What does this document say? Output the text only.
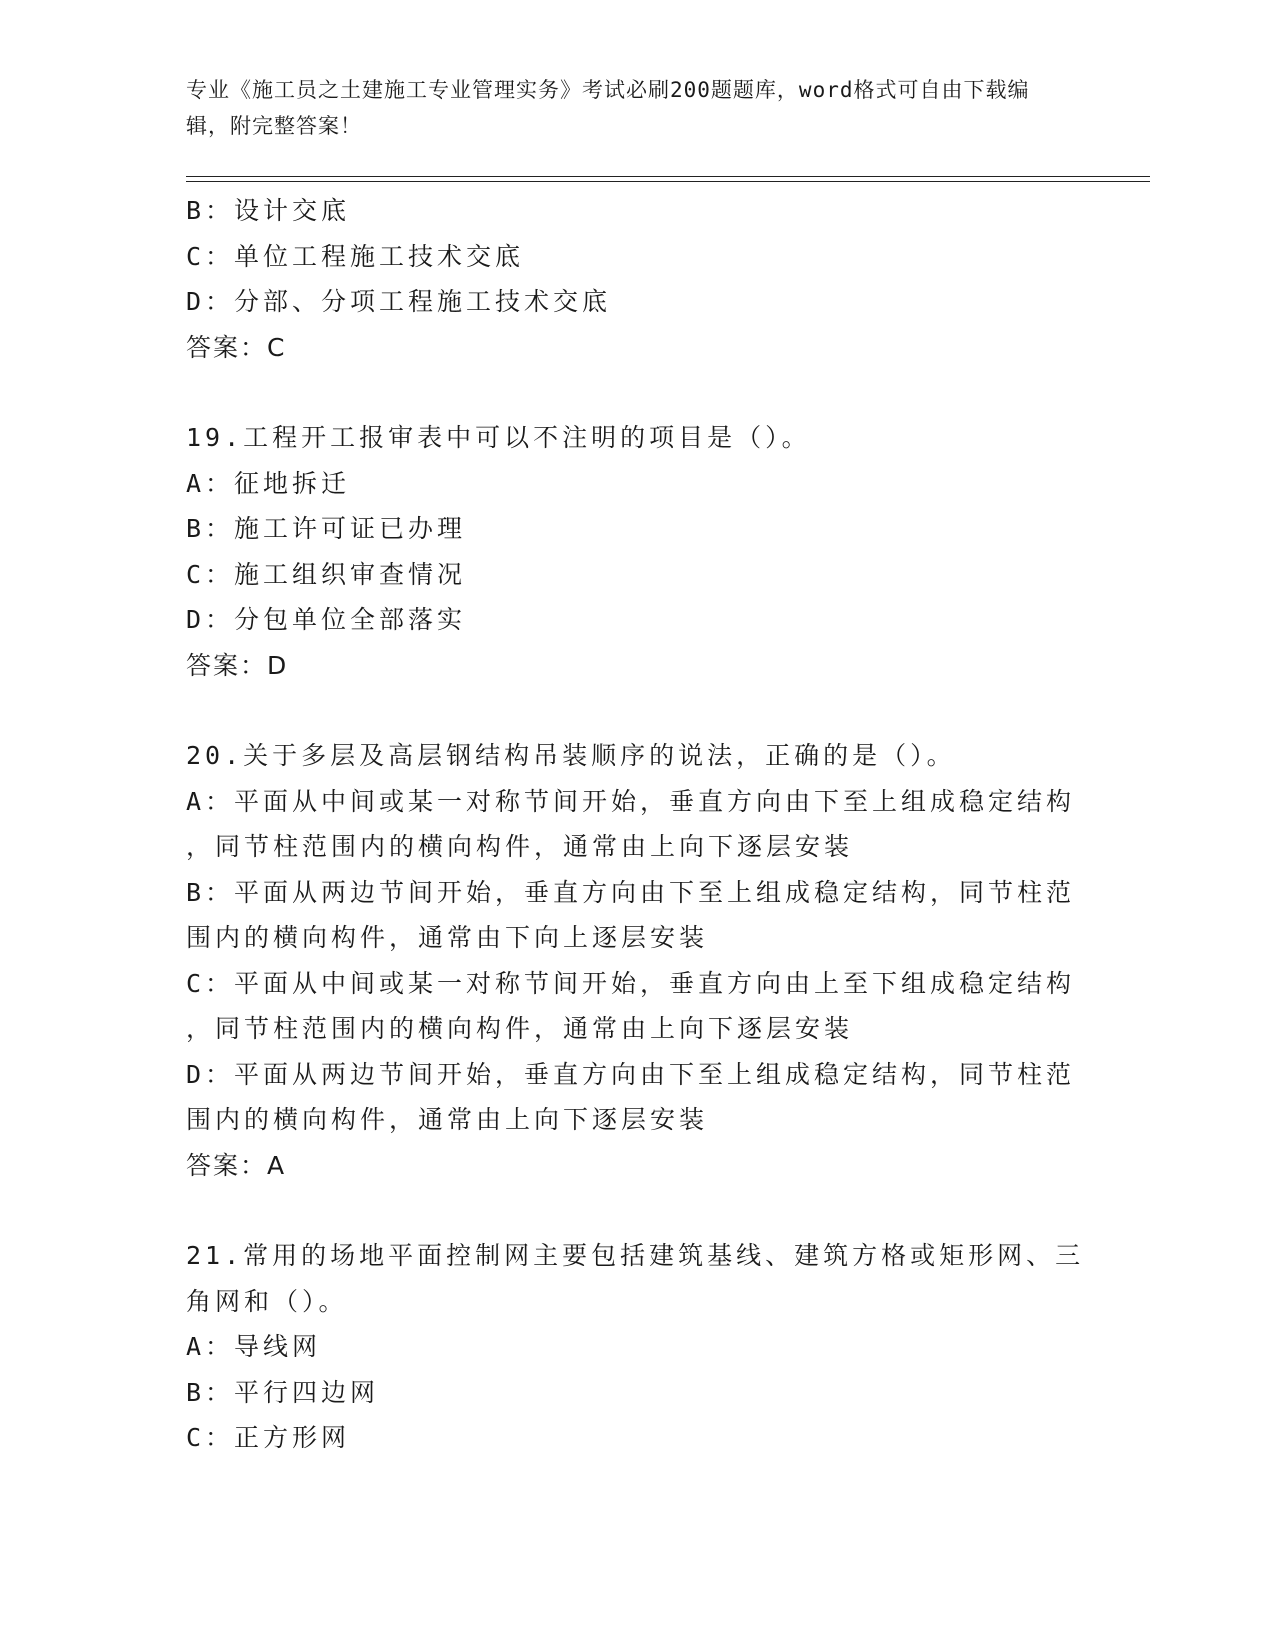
专业《施工员之土建施工专业管理实务》考试必刷200题题库，word格式可自由下载编辑，附完整答案！
B：设计交底
C：单位工程施工技术交底
D：分部、分项工程施工技术交底
答案：C
19.工程开工报审表中可以不注明的项目是（）。
A：征地拆迁
B：施工许可证已办理
C：施工组织审查情况
D：分包单位全部落实
答案：D
20.关于多层及高层钢结构吊装顺序的说法，正确的是（）。
A：平面从中间或某一对称节间开始，垂直方向由下至上组成稳定结构
，同节柱范围内的横向构件，通常由上向下逐层安装
B：平面从两边节间开始，垂直方向由下至上组成稳定结构，同节柱范
围内的横向构件，通常由下向上逐层安装
C：平面从中间或某一对称节间开始，垂直方向由上至下组成稳定结构
，同节柱范围内的横向构件，通常由上向下逐层安装
D：平面从两边节间开始，垂直方向由下至上组成稳定结构，同节柱范
围内的横向构件，通常由上向下逐层安装
答案：A
21.常用的场地平面控制网主要包括建筑基线、建筑方格或矩形网、三
角网和（）。
A：导线网
B：平行四边网
C：正方形网
